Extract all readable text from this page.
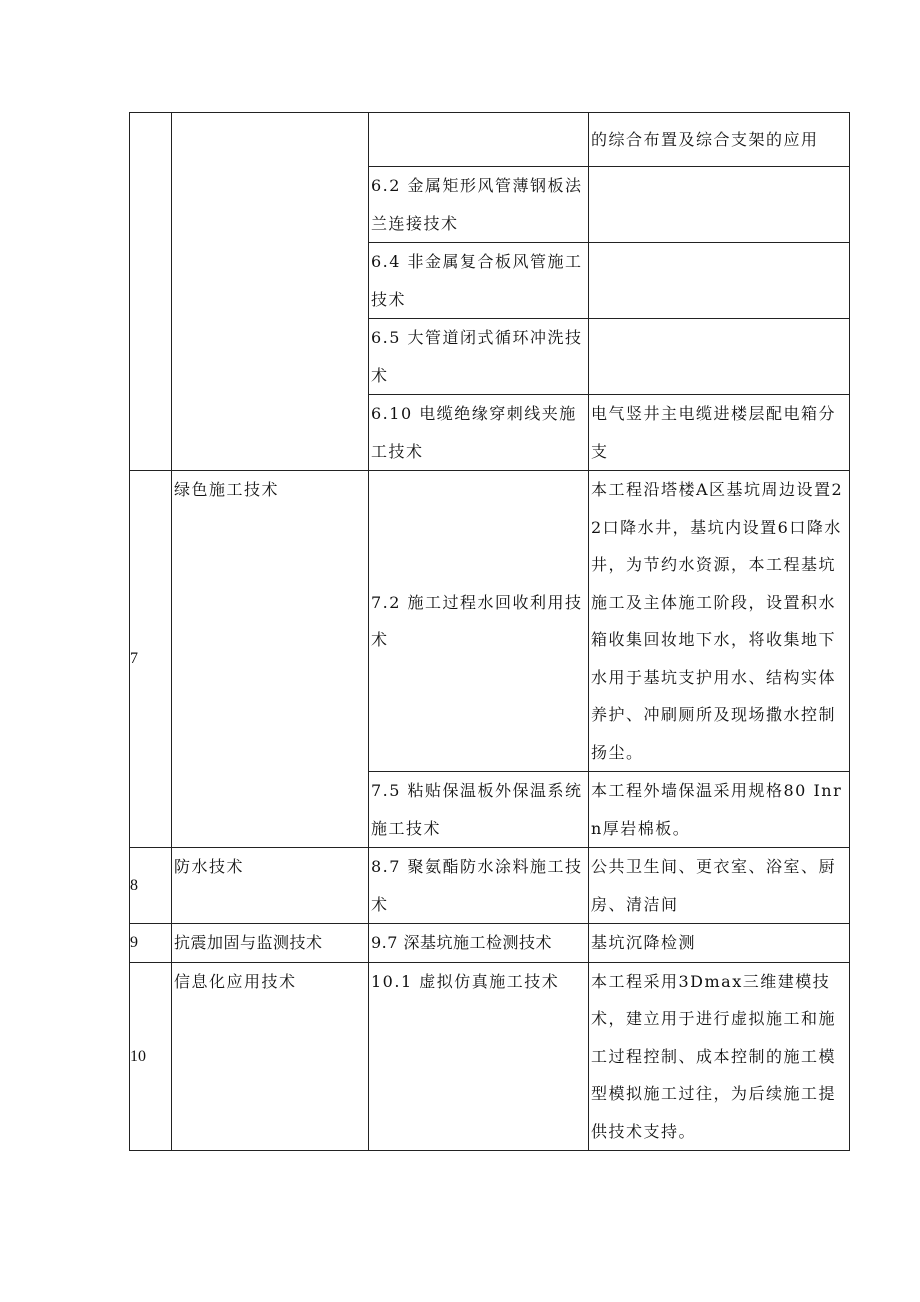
			的综合布置及综合支架的应用
		6.2 金属矩形风管薄钢板法兰连接技术	
		6.4 非金属复合板风管施工技术	
		6.5 大管道闭式循环冲洗技术	
		6.10 电缆绝缘穿刺线夹施工技术	电气竖井主电缆进楼层配电箱分支
7	绿色施工技术	7.2 施工过程水回收利用技术	本工程沿塔楼A区基坑周边设置22口降水井，基坑内设置6口降水井，为节约水资源，本工程基坑施工及主体施工阶段，设置积水箱收集回妆地下水，将收集地下水用于基坑支护用水、结构实体养护、冲刷厕所及现场撒水控制扬尘。
		7.5 粘贴保温板外保温系统施工技术	本工程外墙保温采用规格80 Inrn厚岩棉板。
8	防水技术	8.7 聚氨酯防水涂料施工技术	公共卫生间、更衣室、浴室、厨房、清洁间
9	抗震加固与监测技术	9.7 深基坑施工检测技术	基坑沉降检测
10	信息化应用技术	10.1 虚拟仿真施工技术	本工程采用3Dmax三维建模技术，建立用于进行虚拟施工和施工过程控制、成本控制的施工模型模拟施工过往，为后续施工提供技术支持。
